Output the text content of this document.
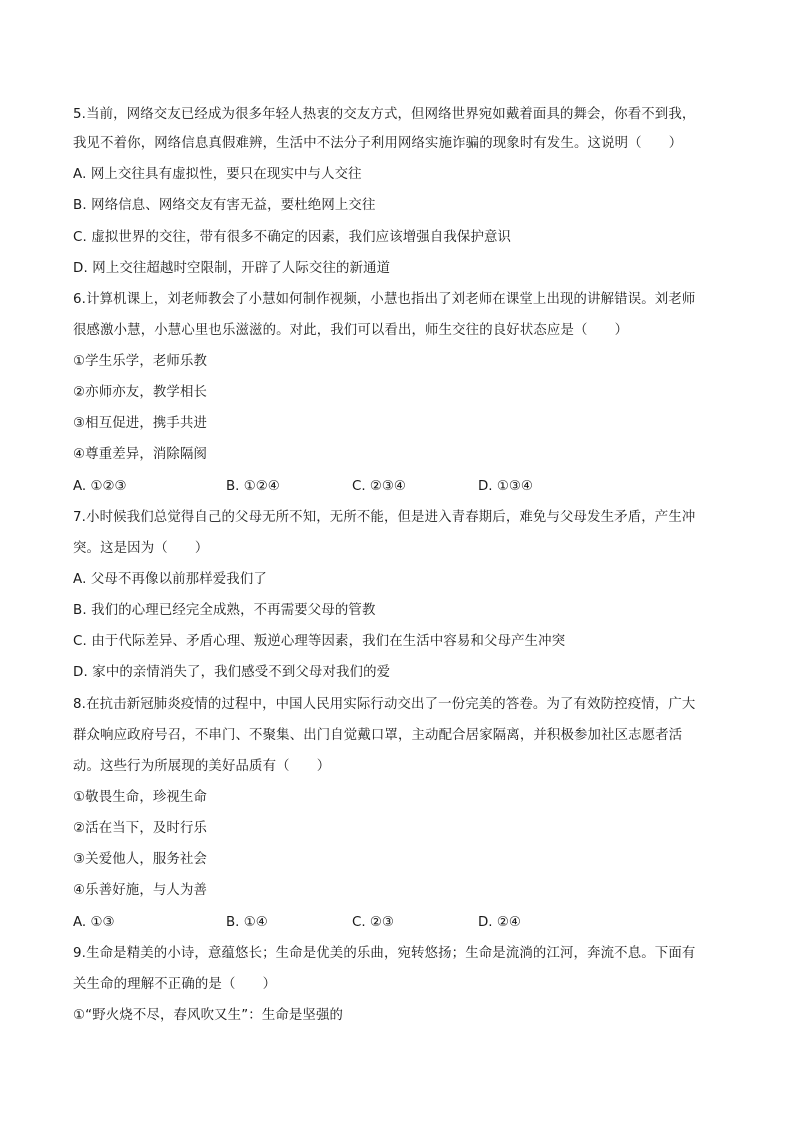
5.当前，网络交友已经成为很多年轻人热衷的交友方式，但网络世界宛如戴着面具的舞会，你看不到我，
我见不着你，网络信息真假难辨，生活中不法分子利用网络实施诈骗的现象时有发生。这说明（　　）
A. 网上交往具有虚拟性，要只在现实中与人交往
B. 网络信息、网络交友有害无益，要杜绝网上交往
C. 虚拟世界的交往，带有很多不确定的因素，我们应该增强自我保护意识
D. 网上交往超越时空限制，开辟了人际交往的新通道
6.计算机课上，刘老师教会了小慧如何制作视频，小慧也指出了刘老师在课堂上出现的讲解错误。刘老师
很感激小慧，小慧心里也乐滋滋的。对此，我们可以看出，师生交往的良好状态应是（　　）
①学生乐学，老师乐教
②亦师亦友，教学相长
③相互促进，携手共进
④尊重差异，消除隔阂
A. ①②③	B. ①②④	C. ②③④	D. ①③④
7.小时候我们总觉得自己的父母无所不知，无所不能，但是进入青春期后，难免与父母发生矛盾，产生冲
突。这是因为（　　）
A. 父母不再像以前那样爱我们了
B. 我们的心理已经完全成熟，不再需要父母的管教
C. 由于代际差异、矛盾心理、叛逆心理等因素，我们在生活中容易和父母产生冲突
D. 家中的亲情消失了，我们感受不到父母对我们的爱
8.在抗击新冠肺炎疫情的过程中，中国人民用实际行动交出了一份完美的答卷。为了有效防控疫情，广大
群众响应政府号召，不串门、不聚集、出门自觉戴口罩，主动配合居家隔离，并积极参加社区志愿者活
动。这些行为所展现的美好品质有（　　）
①敬畏生命，珍视生命
②活在当下，及时行乐
③关爱他人，服务社会
④乐善好施，与人为善
A. ①③	B. ①④	C. ②③	D. ②④
9.生命是精美的小诗，意蕴悠长；生命是优美的乐曲，宛转悠扬；生命是流淌的江河，奔流不息。下面有
关生命的理解不正确的是（　　）
①“野火烧不尽，春风吹又生”：生命是坚强的
